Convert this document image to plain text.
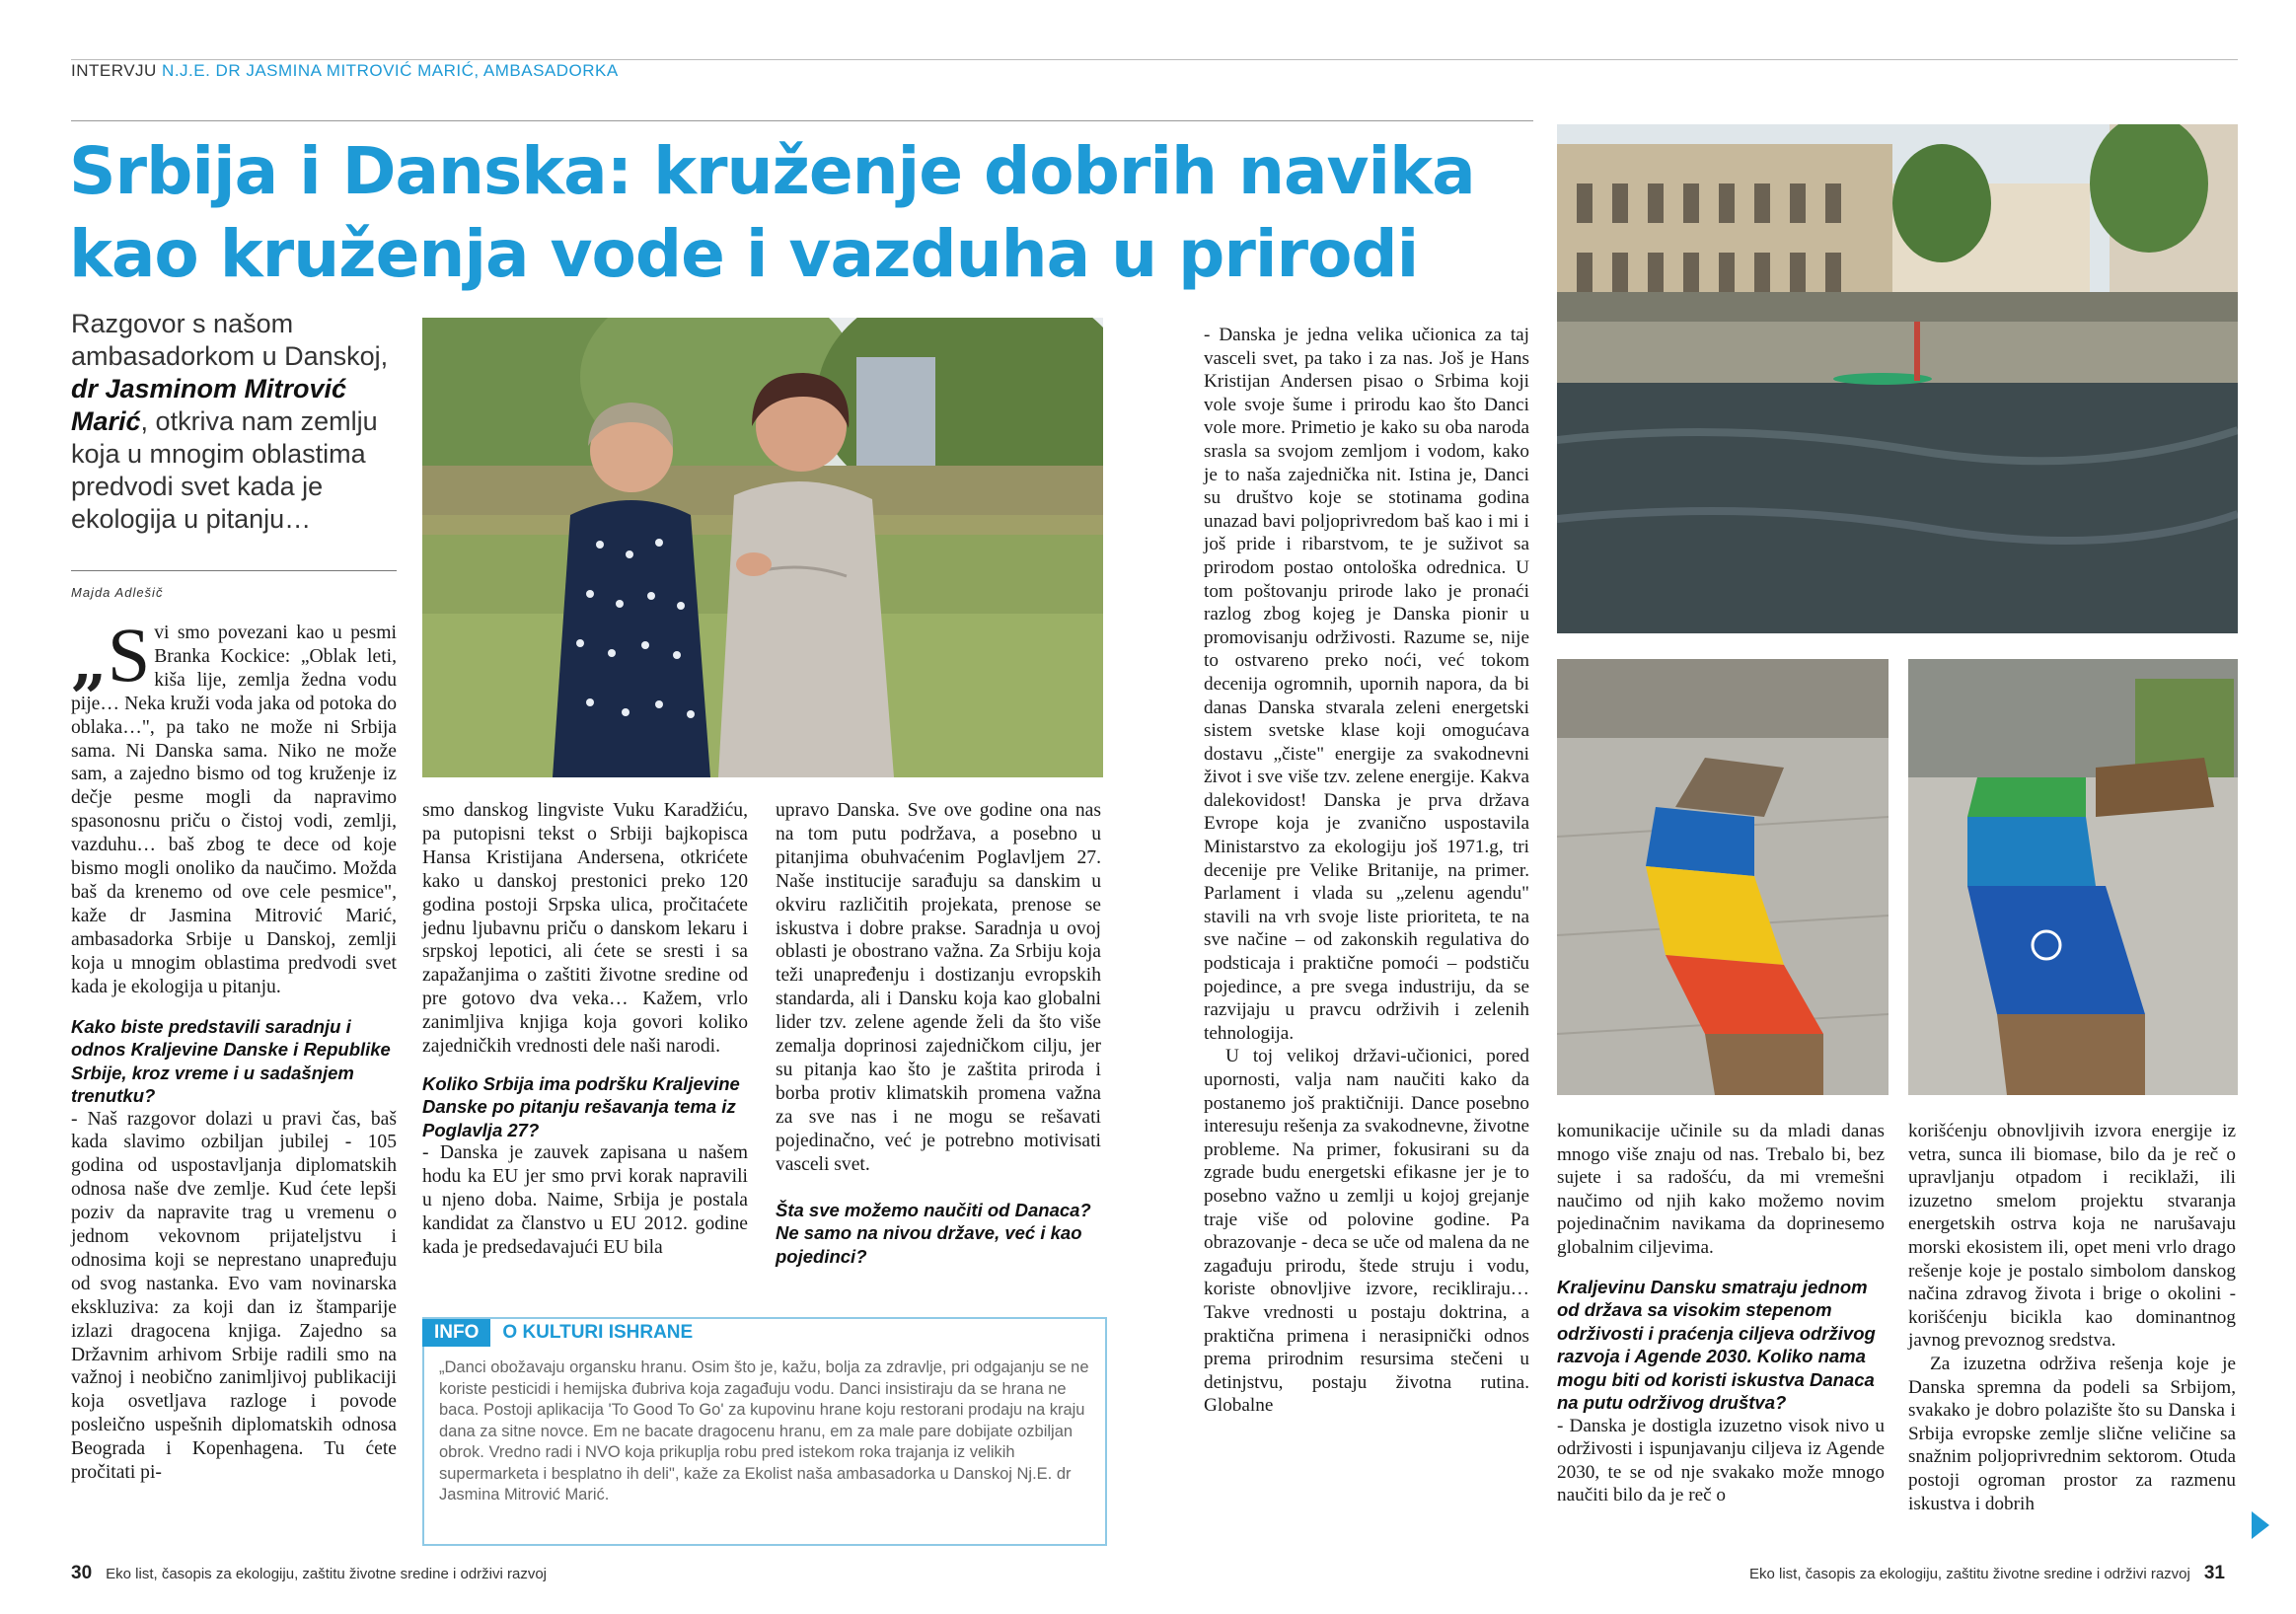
INTERVJU N.J.E. DR JASMINA MITROVIĆ MARIĆ, AMBASADORKA
Srbija i Danska: kruženje dobrih navika
kao kruženja vode i vazduha u prirodi
Razgovor s našom ambasadorkom u Danskoj, dr Jasminom Mitrović Marić, otkriva nam zemlju koja u mnogim oblastima predvodi svet kada je ekologija u pitanju…
Majda Adlešič

„ S vi smo povezani kao u pesmi Branka Kockice: „Oblak leti, kiša lije, zemlja žedna vodu pije… Neka kruži voda jaka od potoka do oblaka…", pa tako ne može ni Srbija sama. Ni Danska sama. Niko ne može sam, a zajedno bismo od tog kruženje iz dečje pesme mogli da napravimo spasonosnu priču o čistoj vodi, zemlji, vazduhu… baš zbog te dece od koje bismo mogli onoliko da naučimo. Možda baš da krenemo od ove cele pesmice", kaže dr Jasmina Mitrović Marić, ambasadorka Srbije u Danskoj, zemlji koja u mnogim oblastima predvodi svet kada je ekologija u pitanju.

Kako biste predstavili saradnju i odnos Kraljevine Danske i Republike Srbije, kroz vreme i u sadašnjem trenutku?

- Naš razgovor dolazi u pravi čas, baš kada slavimo ozbiljan jubilej - 105 godina od uspostavljanja diplomatskih odnosa naše dve zemlje. Kud ćete lepši poziv da napravite trag u vremenu o jednom vekovnom prijateljstvu i odnosima koji se neprestano unapređuju od svog nastanka. Evo vam novinarska ekskluziva: za koji dan iz štamparije izlazi dragocena knjiga. Zajedno sa Državnim arhivom Srbije radili smo na važnoj i neobično zanimljivoj publikaciji koja osvetljava razloge i povode posleično uspešnih diplomatskih odnosa Beograda i Kopenhagena. Tu ćete pročitati pi-

smo danskog lingviste Vuku Karadžiću, pa putopisni tekst o Srbiji bajkopisca Hansa Kristijana Andersena, otkrićete kako u danskoj prestonici preko 120 godina postoji Srpska ulica, pročitaćete jednu ljubavnu priču o danskom lekaru i srpskoj lepotici, ali ćete se sresti i sa zapažanjima o zaštiti životne sredine od pre gotovo dva veka… Kažem, vrlo zanimljiva knjiga koja govori koliko zajedničkih vrednosti dele naši narodi.

Koliko Srbija ima podršku Kraljevine Danske po pitanju rešavanja tema iz Poglavlja 27?

- Danska je zauvek zapisana u našem hodu ka EU jer smo prvi korak napravili u njeno doba. Naime, Srbija je postala kandidat za članstvo u EU 2012. godine kada je predsedavajući EU bila

upravo Danska. Sve ove godine ona nas na tom putu podržava, a posebno u pitanjima obuhvaćenim Poglavljem 27. Naše institucije sarađuju sa danskim u okviru različitih projekata, prenose se iskustva i dobre prakse. Saradnja u ovoj oblasti je obostrano važna. Za Srbiju koja teži unapređenju i dostizanju evropskih standarda, ali i Dansku koja kao globalni lider tzv. zelene agende želi da što više zemalja doprinosi zajedničkom cilju, jer su pitanja kao što je zaštita priroda i borba protiv klimatskih promena važna za sve nas i ne mogu se rešavati pojedinačno, već je potrebno motivisati vasceli svet.

Šta sve možemo naučiti od Danaca? Ne samo na nivou države, već i kao pojedinci?

INFO	O KULTURI ISHRANE
„Danci obožavaju organsku hranu. Osim što je, kažu, bolja za zdravlje, pri odgajanju se ne koriste pesticidi i hemijska đubriva koja zagađuju vodu. Danci insistiraju da se hrana ne baca. Postoji aplikacija 'To Good To Go' za kupovinu hrane koju restorani prodaju na kraju dana za sitne novce. Em ne bacate dragocenu hranu, em za male pare dobijate ozbiljan obrok. Vredno radi i NVO koja prikuplja robu pred istekom roka trajanja iz velikih supermarketa i besplatno ih deli", kaže za Ekolist naša ambasadorka u Danskoj Nj.E. dr Jasmina Mitrović Marić.

- Danska je jedna velika učionica za taj vasceli svet, pa tako i za nas. Još je Hans Kristijan Andersen pisao o Srbima koji vole svoje šume i prirodu kao što Danci vole more. Primetio je kako su oba naroda srasla sa svojom zemljom i vodom, kako je to naša zajednička nit. Istina je, Danci su društvo koje se stotinama godina unazad bavi poljoprivredom baš kao i mi i još pride i ribarstvom, te je suživot sa prirodom postao ontološka odrednica. U tom poštovanju prirode lako je pronaći razlog zbog kojeg je Danska pionir u promovisanju održivosti. Razume se, nije to ostvareno preko noći, već tokom decenija ogromnih, upornih napora, da bi danas Danska stvarala zeleni energetski sistem svetske klase koji omogućava dostavu „čiste" energije za svakodnevni život i sve više tzv. zelene energije. Kakva dalekovidost! Danska je prva država Evrope koja je zvanično uspostavila Ministarstvo za ekologiju još 1971.g, tri decenije pre Velike Britanije, na primer. Parlament i vlada su „zelenu agendu" stavili na vrh svoje liste prioriteta, te na sve načine – od zakonskih regulativa do podsticaja i praktične pomoći – podstiču pojedince, a pre svega industriju, da se razvijaju u pravcu održivih i zelenih tehnologija.

U toj velikoj državi-učionici, pored upornosti, valja nam naučiti kako da postanemo još praktičniji. Dance posebno interesuju rešenja za svakodnevne, životne probleme. Na primer, fokusirani su da zgrade budu energetski efikasne jer je to posebno važno u zemlji u kojoj grejanje traje više od polovine godine. Pa obrazovanje - deca se uče od malena da ne zagađuju prirodu, štede struju i vodu, koriste obnovljive izvore, recikliraju… Takve vrednosti u postaju doktrina, a praktična primena i nerasipnički odnos prema prirodnim resursima stečeni u detinjstvu, postaju životna rutina. Globalne

komunikacije učinile su da mladi danas mnogo više znaju od nas. Trebalo bi, bez sujete i sa radošću, da mi vremešni naučimo od njih kako možemo novim pojedinačnim navikama da doprinesemo globalnim ciljevima.

Kraljevinu Dansku smatraju jednom od država sa visokim stepenom održivosti i praćenja ciljeva održivog razvoja i Agende 2030. Koliko nama mogu biti od koristi iskustva Danaca na putu održivog društva?

- Danska je dostigla izuzetno visok nivo u održivosti i ispunjavanju ciljeva iz Agende 2030, te se od nje svakako može mnogo naučiti bilo da je reč o

korišćenju obnovljivih izvora energije iz vetra, sunca ili biomase, bilo da je reč o upravljanju otpadom i reciklaži, ili izuzetno smelom projektu stvaranja energetskih ostrva koja ne narušavaju morski ekosistem ili, opet meni vrlo drago rešenje koje je postalo simbolom danskog načina zdravog života i brige o okolini - korišćenju bicikla kao dominantnog javnog prevoznog sredstva.

Za izuzetna održiva rešenja koje je Danska spremna da podeli sa Srbijom, svakako je dobro polazište što su Danska i Srbija evropske zemlje slične veličine sa snažnim poljoprivrednim sektorom. Otuda postoji ogroman prostor za razmenu iskustva i dobrih

30 Eko list, časopis za ekologiju, zaštitu životne sredine i održivi razvoj	Eko list, časopis za ekologiju, zaštitu životne sredine i održivi razvoj 31
